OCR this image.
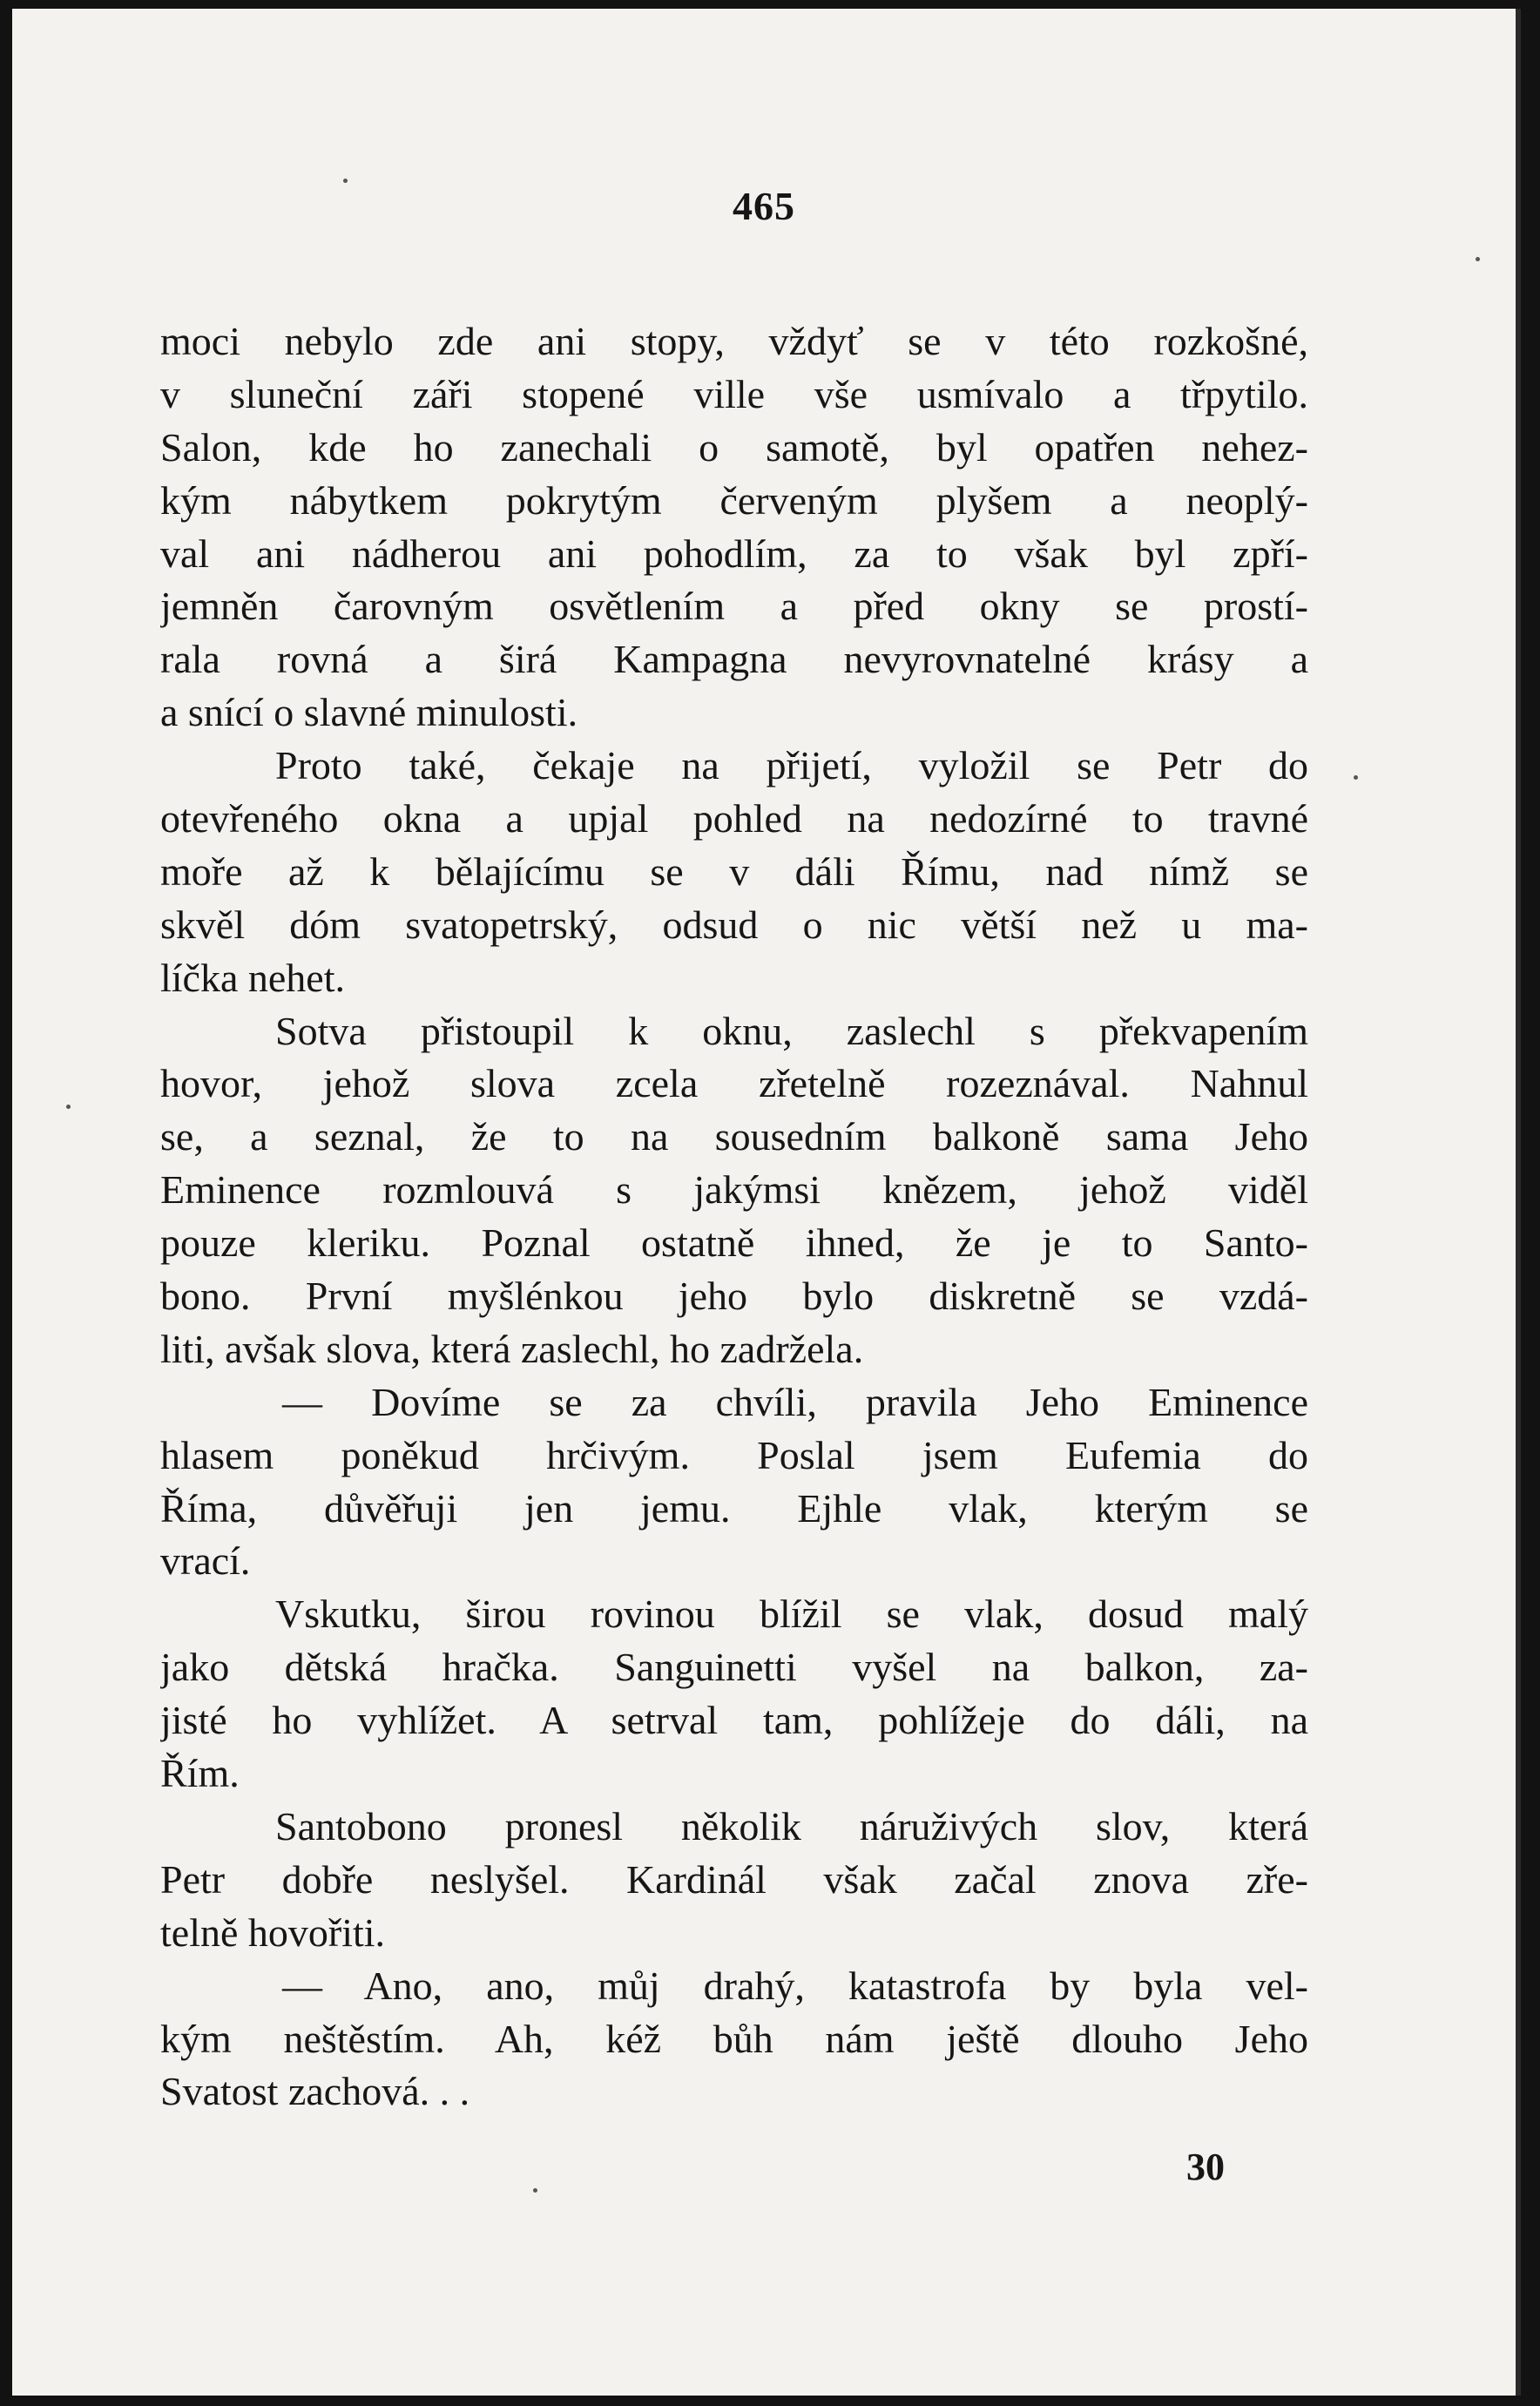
465
moci nebylo zde ani stopy, vždyť se v této rozkošné,
v sluneční záři stopené ville vše usmívalo a třpytilo.
Salon, kde ho zanechali o samotě, byl opatřen nehez-
kým nábytkem pokrytým červeným plyšem a neoplý-
val ani nádherou ani pohodlím, za to však byl zpří-
jemněn čarovným osvětlením a před okny se prostí-
rala rovná a širá Kampagna nevyrovnatelné krásy a
a snící o slavné minulosti.
Proto také, čekaje na přijetí, vyložil se Petr do
otevřeného okna a upjal pohled na nedozírné to travné
moře až k bělajícímu se v dáli Římu, nad nímž se
skvěl dóm svatopetrský, odsud o nic větší než u ma-
líčka nehet.
Sotva přistoupil k oknu, zaslechl s překvapením
hovor, jehož slova zcela zřetelně rozeznával. Nahnul
se, a seznal, že to na sousedním balkoně sama Jeho
Eminence rozmlouvá s jakýmsi knězem, jehož viděl
pouze kleriku. Poznal ostatně ihned, že je to Santo-
bono. První myšlénkou jeho bylo diskretně se vzdá-
liti, avšak slova, která zaslechl, ho zadržela.
— Dovíme se za chvíli, pravila Jeho Eminence
hlasem poněkud hrčivým. Poslal jsem Eufemia do
Říma, důvěřuji jen jemu. Ejhle vlak, kterým se
vrací.
Vskutku, širou rovinou blížil se vlak, dosud malý
jako dětská hračka. Sanguinetti vyšel na balkon, za-
jisté ho vyhlížet. A setrval tam, pohlížeje do dáli, na
Řím.
Santobono pronesl několik náruživých slov, která
Petr dobře neslyšel. Kardinál však začal znova zře-
telně hovořiti.
— Ano, ano, můj drahý, katastrofa by byla vel-
kým neštěstím. Ah, kéž bůh nám ještě dlouho Jeho
Svatost zachová. . .
30
